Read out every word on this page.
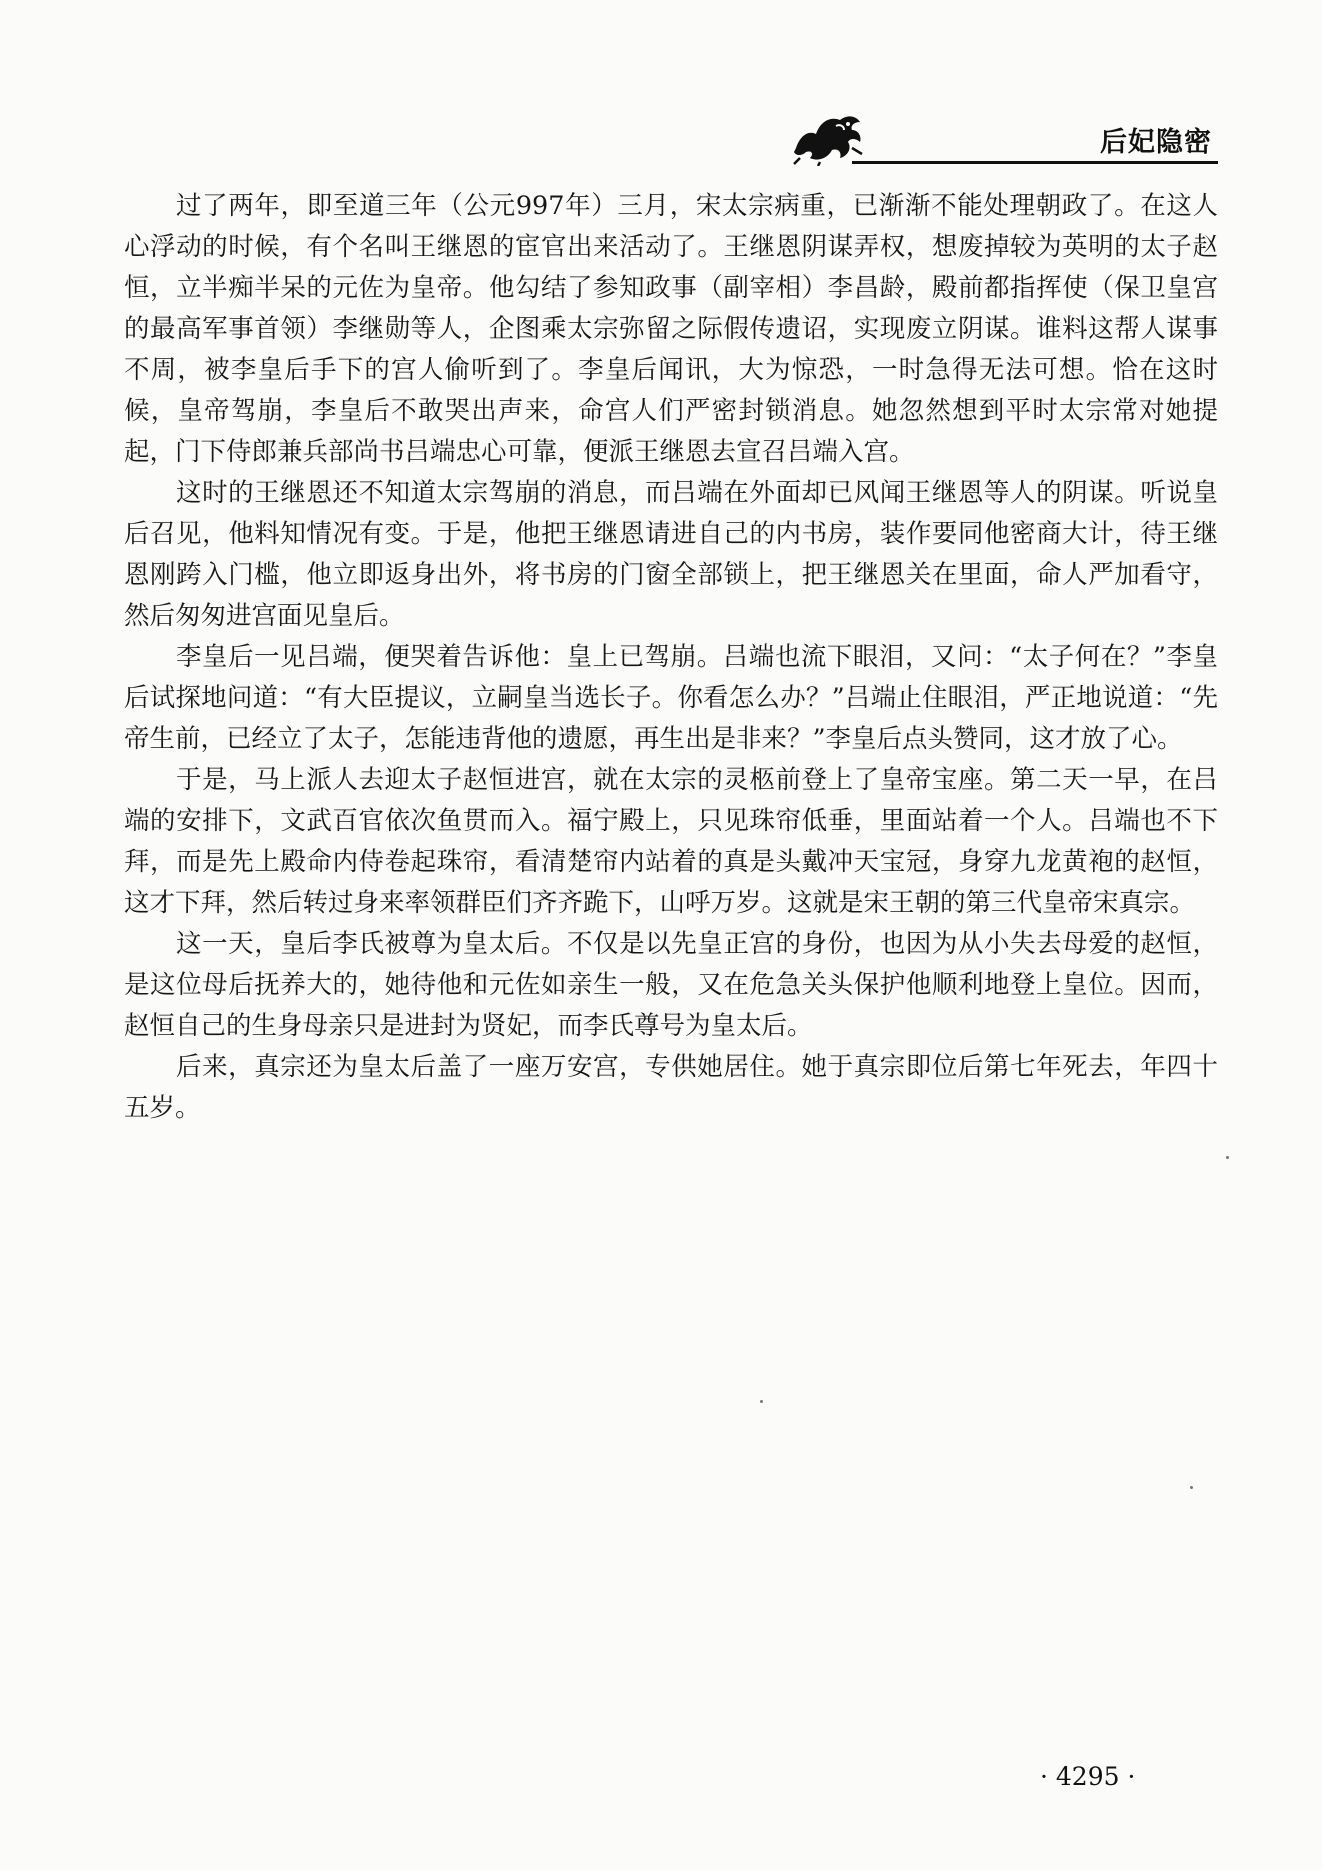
后妃隐密

过了两年，即至道三年（公元997年）三月，宋太宗病重，已渐渐不能处理朝政了。在这人心浮动的时候，有个名叫王继恩的宦官出来活动了。王继恩阴谋弄权，想废掉较为英明的太子赵恒，立半痴半呆的元佐为皇帝。他勾结了参知政事（副宰相）李昌龄，殿前都指挥使（保卫皇宫的最高军事首领）李继勋等人，企图乘太宗弥留之际假传遗诏，实现废立阴谋。谁料这帮人谋事不周，被李皇后手下的宫人偷听到了。李皇后闻讯，大为惊恐，一时急得无法可想。恰在这时候，皇帝驾崩，李皇后不敢哭出声来，命宫人们严密封锁消息。她忽然想到平时太宗常对她提起，门下侍郎兼兵部尚书吕端忠心可靠，便派王继恩去宣召吕端入宫。

这时的王继恩还不知道太宗驾崩的消息，而吕端在外面却已风闻王继恩等人的阴谋。听说皇后召见，他料知情况有变。于是，他把王继恩请进自己的内书房，装作要同他密商大计，待王继恩刚跨入门槛，他立即返身出外，将书房的门窗全部锁上，把王继恩关在里面，命人严加看守，然后匆匆进宫面见皇后。

李皇后一见吕端，便哭着告诉他：皇上已驾崩。吕端也流下眼泪，又问：“太子何在？”李皇后试探地问道：“有大臣提议，立嗣皇当选长子。你看怎么办？”吕端止住眼泪，严正地说道：“先帝生前，已经立了太子，怎能违背他的遗愿，再生出是非来？”李皇后点头赞同，这才放了心。

于是，马上派人去迎太子赵恒进宫，就在太宗的灵柩前登上了皇帝宝座。第二天一早，在吕端的安排下，文武百官依次鱼贯而入。福宁殿上，只见珠帘低垂，里面站着一个人。吕端也不下拜，而是先上殿命内侍卷起珠帘，看清楚帘内站着的真是头戴冲天宝冠，身穿九龙黄袍的赵恒，这才下拜，然后转过身来率领群臣们齐齐跪下，山呼万岁。这就是宋王朝的第三代皇帝宋真宗。

这一天，皇后李氏被尊为皇太后。不仅是以先皇正宫的身份，也因为从小失去母爱的赵恒，是这位母后抚养大的，她待他和元佐如亲生一般，又在危急关头保护他顺利地登上皇位。因而，赵恒自己的生身母亲只是进封为贤妃，而李氏尊号为皇太后。

后来，真宗还为皇太后盖了一座万安宫，专供她居住。她于真宗即位后第七年死去，年四十五岁。

· 4295 ·
